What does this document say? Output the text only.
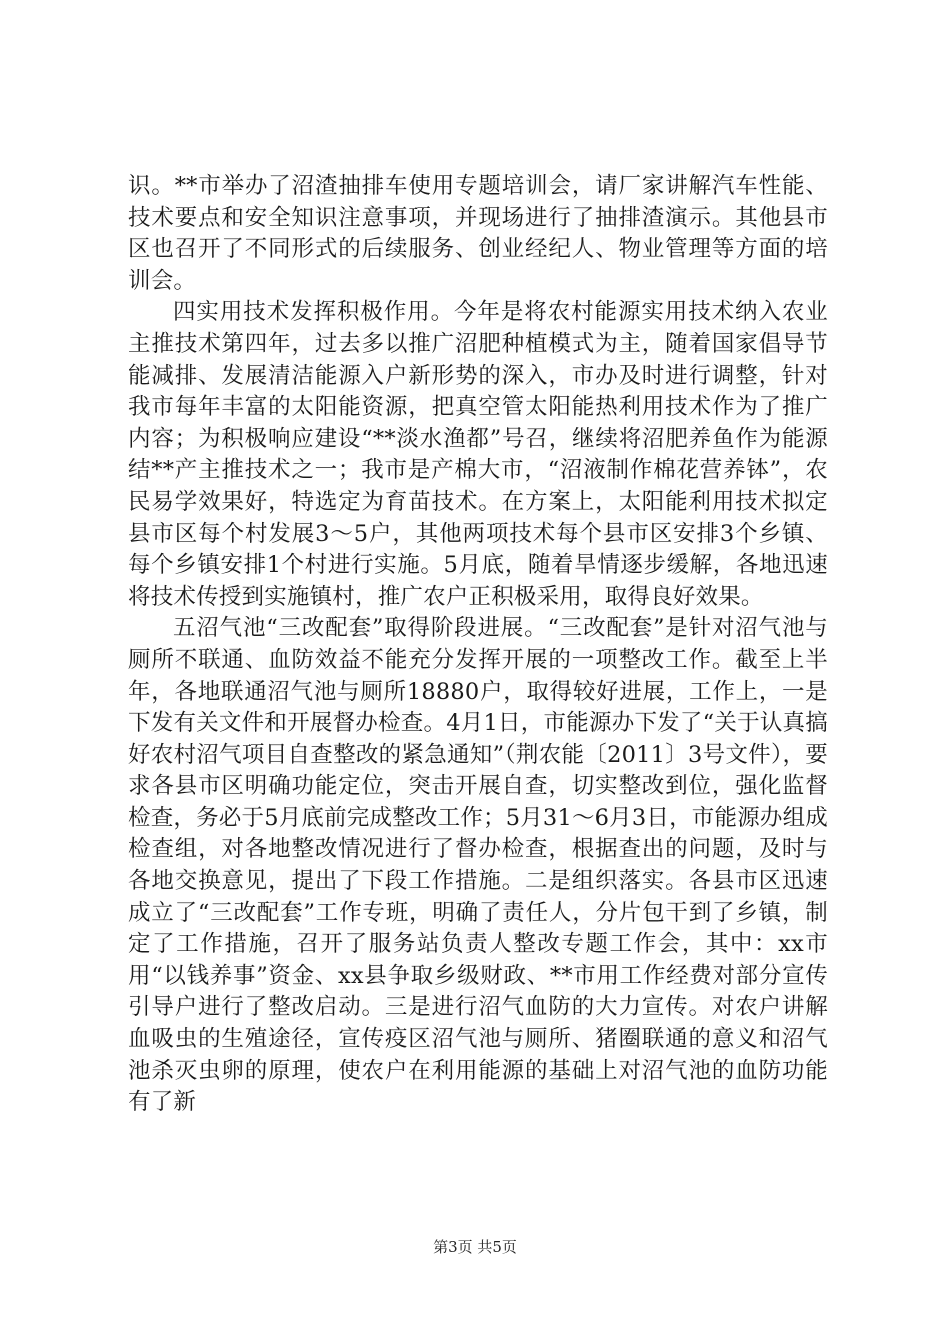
识。**市举办了沼渣抽排车使用专题培训会，请厂家讲解汽车性能、技术要点和安全知识注意事项，并现场进行了抽排渣演示。其他县市区也召开了不同形式的后续服务、创业经纪人、物业管理等方面的培训会。

四实用技术发挥积极作用。今年是将农村能源实用技术纳入农业主推技术第四年，过去多以推广沼肥种植模式为主，随着国家倡导节能减排、发展清洁能源入户新形势的深入，市办及时进行调整，针对我市每年丰富的太阳能资源，把真空管太阳能热利用技术作为了推广内容；为积极响应建设“**淡水渔都”号召，继续将沼肥养鱼作为能源结**产主推技术之一；我市是产棉大市，“沼液制作棉花营养钵”，农民易学效果好，特选定为育苗技术。在方案上，太阳能利用技术拟定县市区每个村发展3～5户，其他两项技术每个县市区安排3个乡镇、每个乡镇安排1个村进行实施。5月底，随着旱情逐步缓解，各地迅速将技术传授到实施镇村，推广农户正积极采用，取得良好效果。

五沼气池“三改配套”取得阶段进展。“三改配套”是针对沼气池与厕所不联通、血防效益不能充分发挥开展的一项整改工作。截至上半年，各地联通沼气池与厕所18880户，取得较好进展，工作上，一是下发有关文件和开展督办检查。4月1日，市能源办下发了“关于认真搞好农村沼气项目自查整改的紧急通知”（荆农能〔2011〕3号文件），要求各县市区明确功能定位，突击开展自查，切实整改到位，强化监督检查，务必于5月底前完成整改工作；5月31～6月3日，市能源办组成检查组，对各地整改情况进行了督办检查，根据查出的问题，及时与各地交换意见，提出了下段工作措施。二是组织落实。各县市区迅速成立了“三改配套”工作专班，明确了责任人，分片包干到了乡镇，制定了工作措施，召开了服务站负责人整改专题工作会，其中：xx市用“以钱养事”资金、xx县争取乡级财政、**市用工作经费对部分宣传引导户进行了整改启动。三是进行沼气血防的大力宣传。对农户讲解血吸虫的生殖途径，宣传疫区沼气池与厕所、猪圈联通的意义和沼气池杀灭虫卵的原理，使农户在利用能源的基础上对沼气池的血防功能有了新

第3页 共5页
